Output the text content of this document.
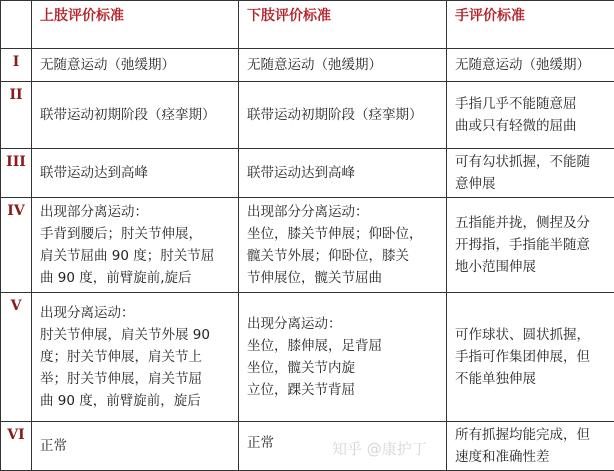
	上肢评价标准	下肢评价标准	手评价标准
I	无随意运动（弛缓期）	无随意运动（弛缓期）	无随意运动（弛缓期）

II	联带运动初期阶段（痉挛期）	联带运动初期阶段（痉挛期）	手指几乎不能随意屈
曲或只有轻微的屈曲

III	联带运动达到高峰	联带运动达到高峰	可有勾状抓握，不能随
意伸展

IV	出现部分离运动：
手背到腰后；肘关节伸展，
肩关节屈曲 90 度；肘关节屈
曲 90 度，前臂旋前,旋后	出现部分分离运动：
坐位，膝关节伸展；仰卧位，
髋关节外展；仰卧位，膝关
节伸展位，髋关节屈曲	五指能并拢，侧捏及分
开拇指，手指能半随意
地小范围伸展

V	出现分离运动：
肘关节伸展，肩关节外展 90
度；肘关节伸展，肩关节上
举；肘关节伸展，肩关节屈
曲 90 度，前臂旋前，旋后	出现分离运动：
坐位，膝伸展，足背屈
坐位，髋关节内旋
立位，踝关节背屈	可作球状、圆状抓握，
手指可作集团伸展，但
不能单独伸展

VI	正常	正常	所有抓握均能完成，但
速度和准确性差
知乎 @康护丁
